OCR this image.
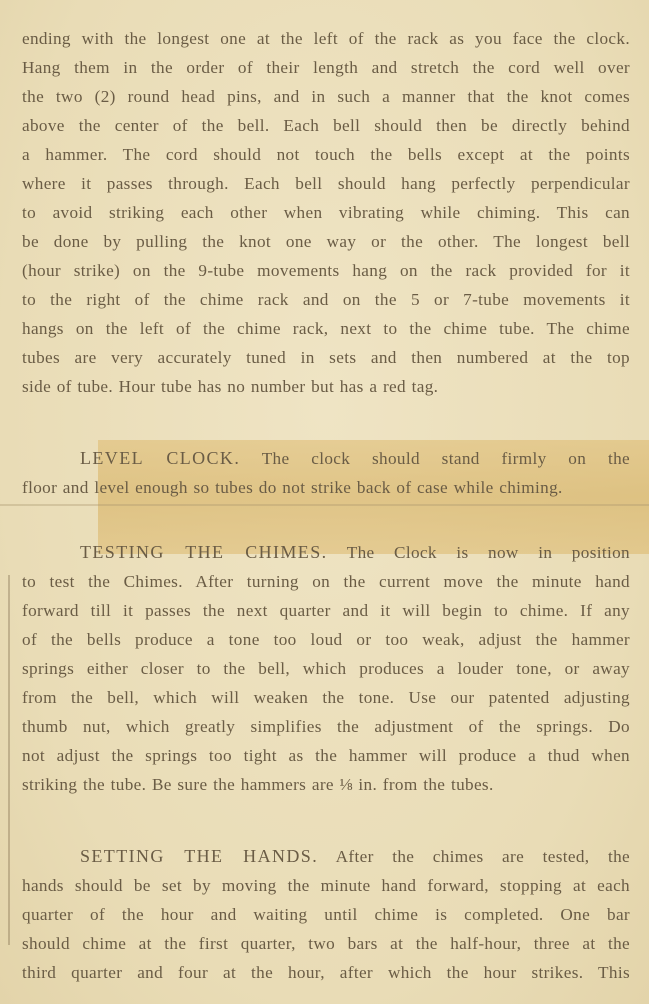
ending with the longest one at the left of the rack as you face the clock.
Hang them in the order of their length and stretch the cord well over
the two (2) round head pins, and in such a manner that the knot comes
above the center of the bell. Each bell should then be directly behind
a hammer. The cord should not touch the bells except at the points
where it passes through. Each bell should hang perfectly perpendicular
to avoid striking each other when vibrating while chiming. This can
be done by pulling the knot one way or the other. The longest bell
(hour strike) on the 9-tube movements hang on the rack provided for it
to the right of the chime rack and on the 5 or 7-tube movements it
hangs on the left of the chime rack, next to the chime tube. The chime
tubes are very accurately tuned in sets and then numbered at the top
side of tube. Hour tube has no number but has a red tag.
LEVEL CLOCK. The clock should stand firmly on the
floor and level enough so tubes do not strike back of case while chiming.
TESTING THE CHIMES. The Clock is now in position
to test the Chimes. After turning on the current move the minute hand
forward till it passes the next quarter and it will begin to chime. If any
of the bells produce a tone too loud or too weak, adjust the hammer
springs either closer to the bell, which produces a louder tone, or away
from the bell, which will weaken the tone. Use our patented adjusting
thumb nut, which greatly simplifies the adjustment of the springs. Do
not adjust the springs too tight as the hammer will produce a thud when
striking the tube. Be sure the hammers are ⅛ in. from the tubes.
SETTING THE HANDS. After the chimes are tested, the
hands should be set by moving the minute hand forward, stopping at each
quarter of the hour and waiting until chime is completed. One bar
should chime at the first quarter, two bars at the half-hour, three at the
third quarter and four at the hour, after which the hour strikes. This
